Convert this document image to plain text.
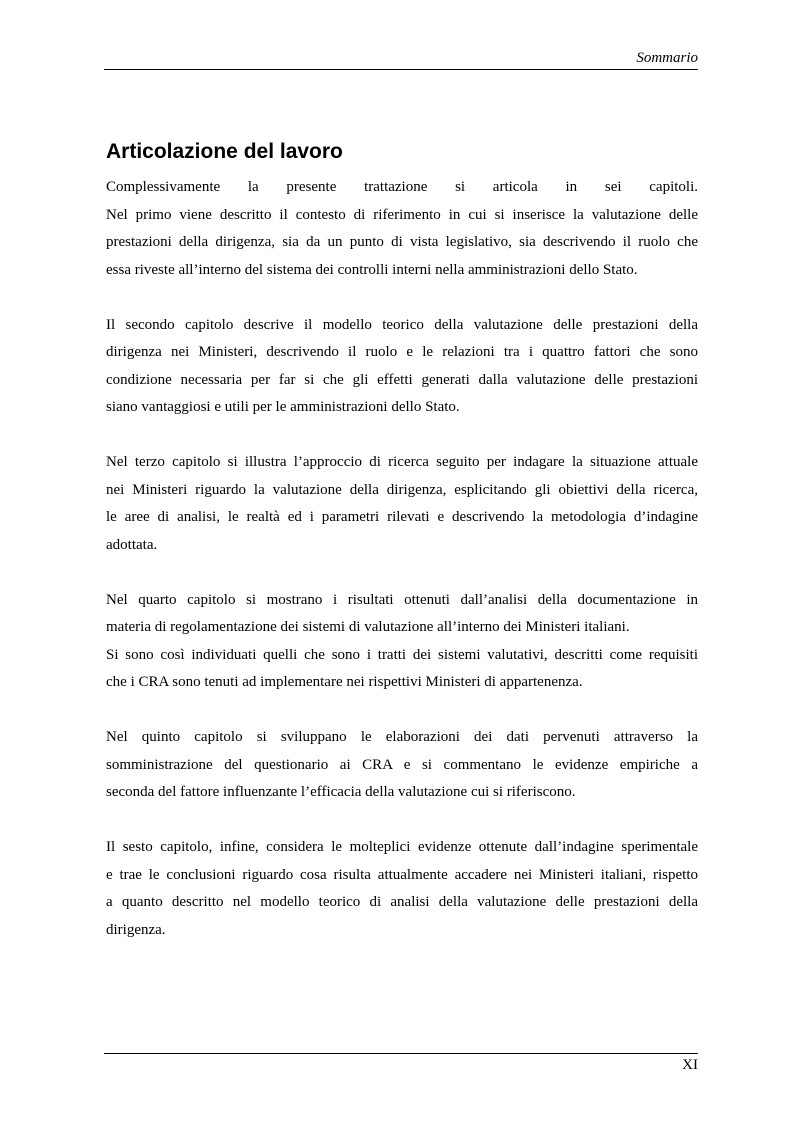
Sommario
Articolazione del lavoro

Complessivamente la presente trattazione si articola in sei capitoli.
Nel primo viene descritto il contesto di riferimento in cui si inserisce la valutazione delle
prestazioni della dirigenza, sia da un punto di vista legislativo, sia descrivendo il ruolo che
essa riveste all’interno del sistema dei controlli interni nella amministrazioni dello Stato.

Il secondo capitolo descrive il modello teorico della valutazione delle prestazioni della
dirigenza nei Ministeri, descrivendo il ruolo e le relazioni tra i quattro fattori che sono
condizione necessaria per far si che gli effetti generati dalla valutazione delle prestazioni
siano vantaggiosi e utili per le amministrazioni dello Stato.

Nel terzo capitolo si illustra l’approccio di ricerca seguito per indagare la situazione attuale
nei Ministeri riguardo la valutazione della dirigenza, esplicitando gli obiettivi della ricerca,
le aree di analisi, le realtà ed i parametri rilevati e descrivendo la metodologia d’indagine
adottata.

Nel quarto capitolo si mostrano i risultati ottenuti dall’analisi della documentazione in
materia di regolamentazione dei sistemi di valutazione all’interno dei Ministeri italiani.
Si sono così individuati quelli che sono i tratti dei sistemi valutativi, descritti come requisiti
che i CRA sono tenuti ad implementare nei rispettivi Ministeri di appartenenza.

Nel quinto capitolo si sviluppano le elaborazioni dei dati pervenuti attraverso la
somministrazione del questionario ai CRA e si commentano le evidenze empiriche a
seconda del fattore influenzante l’efficacia della valutazione cui si riferiscono.

Il sesto capitolo, infine, considera le molteplici evidenze ottenute dall’indagine sperimentale
e trae le conclusioni riguardo cosa risulta attualmente accadere nei Ministeri italiani, rispetto
a quanto descritto nel modello teorico di analisi della valutazione delle prestazioni della
dirigenza.

XI
